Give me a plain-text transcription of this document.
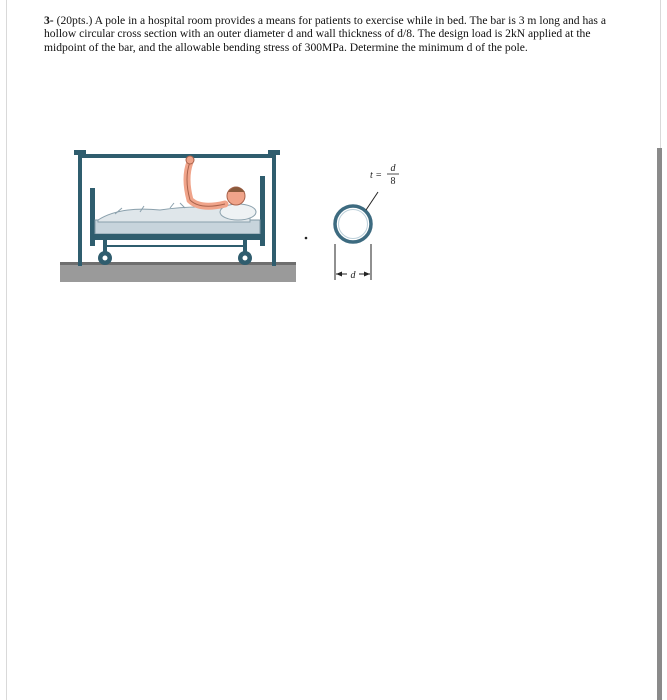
3- (20pts.) A pole in a hospital room provides a means for patients to exercise while in bed. The bar is 3 m long and has a hollow circular cross section with an outer diameter d and wall thickness of d/8. The design load is 2kN applied at the midpoint of the bar, and the allowable bending stress of 300MPa. Determine the minimum d of the pole.

d
t =
d
8
